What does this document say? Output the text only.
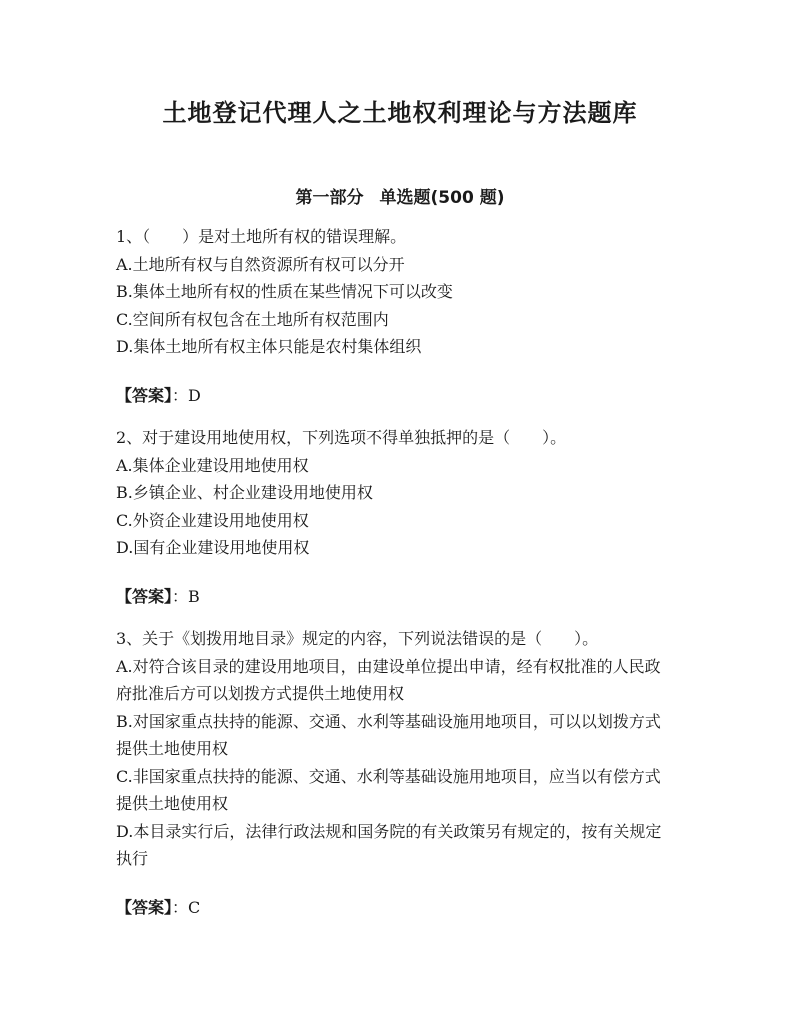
土地登记代理人之土地权利理论与方法题库
第一部分 单选题(500 题)
1、（　　）是对土地所有权的错误理解。
A.土地所有权与自然资源所有权可以分开
B.集体土地所有权的性质在某些情况下可以改变
C.空间所有权包含在土地所有权范围内
D.集体土地所有权主体只能是农村集体组织
【答案】：D
2、对于建设用地使用权，下列选项不得单独抵押的是（　　）。
A.集体企业建设用地使用权
B.乡镇企业、村企业建设用地使用权
C.外资企业建设用地使用权
D.国有企业建设用地使用权
【答案】：B
3、关于《划拨用地目录》规定的内容，下列说法错误的是（　　）。
A.对符合该目录的建设用地项目，由建设单位提出申请，经有权批准的人民政府批准后方可以划拨方式提供土地使用权
B.对国家重点扶持的能源、交通、水利等基础设施用地项目，可以以划拨方式提供土地使用权
C.非国家重点扶持的能源、交通、水利等基础设施用地项目，应当以有偿方式提供土地使用权
D.本目录实行后，法律行政法规和国务院的有关政策另有规定的，按有关规定执行
【答案】：C
